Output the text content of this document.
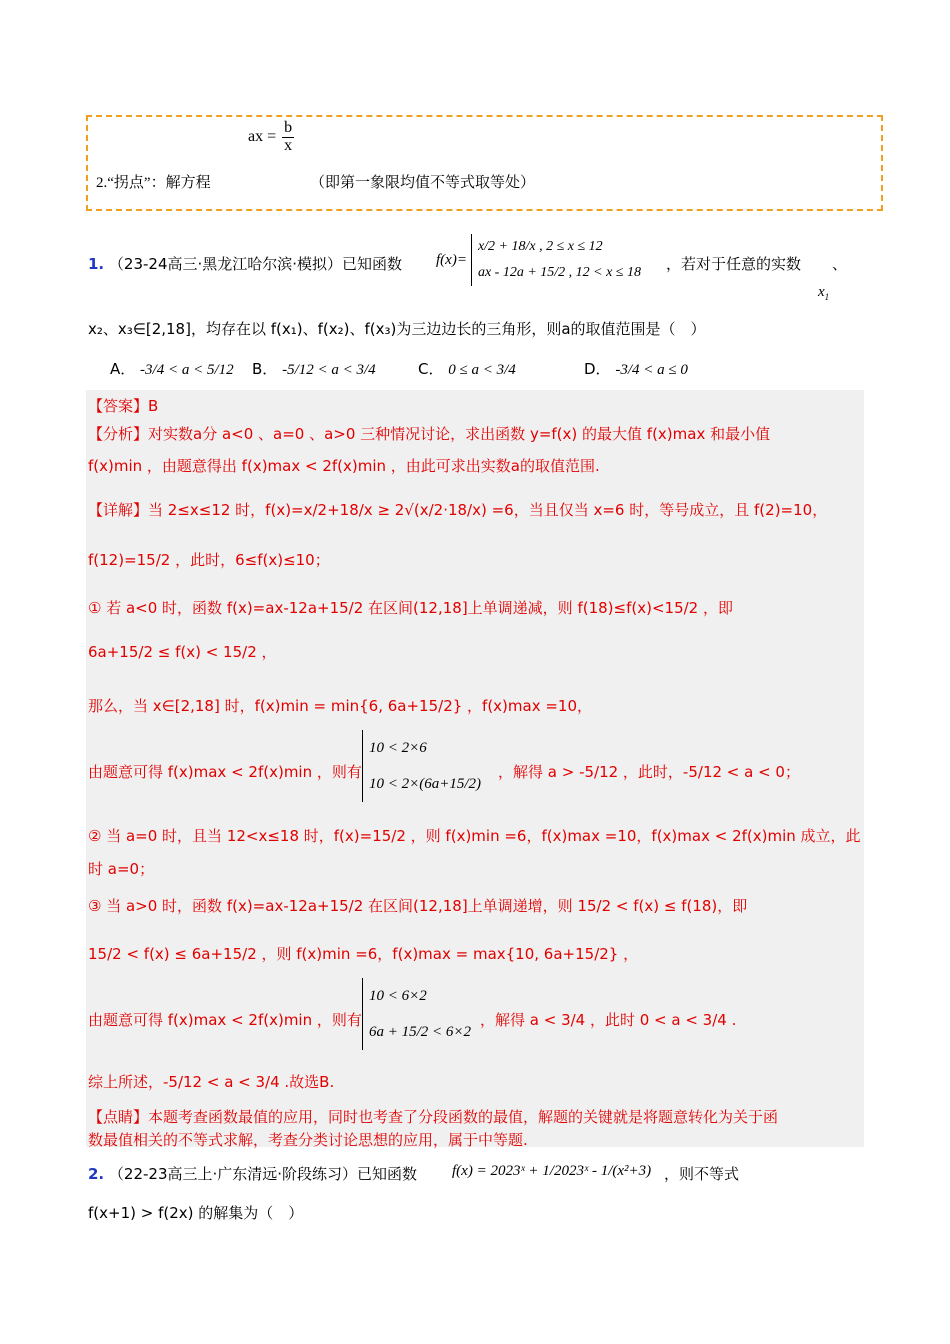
ax = $\frac{b}{x}$
2.“拐点”：解方程	（即第一象限均值不等式取等处）
1. （23-24高三·黑龙江哈尔滨·模拟）已知函数 f(x)=
x/2 + 18/x , 2 ≤ x ≤ 12
ax - 12a + 15/2 , 12 < x ≤ 18 ，若对于任意的实数 、
$x_1$
x₂、x₃∈[2,18]，均存在以 f(x₁)、f(x₂)、f(x₃)为三边边长的三角形，则a的取值范围是（　）
A． -3/4 < a < 5/12 B． -5/12 < a < 3/4	C． 0 ≤ a < 3/4	D． -3/4 < a ≤ 0
【答案】B
【分析】对实数a分 a<0 、a=0 、a>0 三种情况讨论，求出函数 y=f(x) 的最大值 f(x)max 和最小值
f(x)min ，由题意得出 f(x)max < 2f(x)min ，由此可求出实数a的取值范围.
【详解】当 2≤x≤12 时，f(x)=x/2+18/x ≥ 2√(x/2·18/x) =6，当且仅当 x=6 时，等号成立，且 f(2)=10，
f(12)=15/2 ，此时，6≤f(x)≤10；
① 若 a<0 时，函数 f(x)=ax-12a+15/2 在区间(12,18]上单调递减，则 f(18)≤f(x)<15/2 ，即
6a+15/2 ≤ f(x) < 15/2 ，
那么，当 x∈[2,18] 时，f(x)min = min{6, 6a+15/2} ，f(x)max =10，
由题意可得 f(x)max < 2f(x)min ，则有
10 < 2×6
10 < 2×(6a+15/2)
，解得 a > -5/12 ，此时，-5/12 < a < 0；
② 当 a=0 时，且当 12<x≤18 时，f(x)=15/2 ，则 f(x)min =6，f(x)max =10，f(x)max < 2f(x)min 成立，此
时 a=0；
③ 当 a>0 时，函数 f(x)=ax-12a+15/2 在区间(12,18]上单调递增，则 15/2 < f(x) ≤ f(18)，即
15/2 < f(x) ≤ 6a+15/2 ，则 f(x)min =6，f(x)max = max{10, 6a+15/2} ，
由题意可得 f(x)max < 2f(x)min ，则有
10 < 6×2
6a + 15/2 < 6×2
，解得 a < 3/4 ，此时 0 < a < 3/4 .
综上所述，-5/12 < a < 3/4 .故选B.
【点睛】本题考查函数最值的应用，同时也考查了分段函数的最值，解题的关键就是将题意转化为关于函
数最值相关的不等式求解，考查分类讨论思想的应用，属于中等题.
2. （22-23高三上·广东清远·阶段练习）已知函数 f(x) = 2023ˣ + 1/2023ˣ - 1/(x²+3) ，则不等式
f(x+1) > f(2x) 的解集为（　）
